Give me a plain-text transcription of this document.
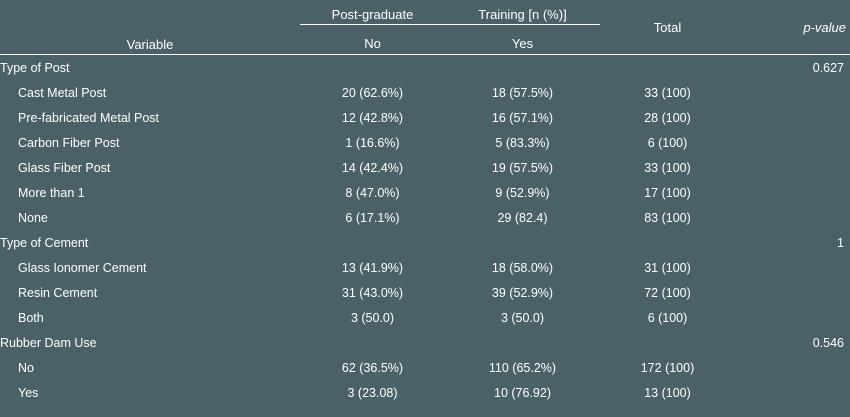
Variable	Post-graduate	Training [n (%)]	Total	p-value
	No	Yes		

Type of Post				0.627
Cast Metal Post	20 (62.6%)	18 (57.5%)	33 (100)	
Pre-fabricated Metal Post	12 (42.8%)	16 (57.1%)	28 (100)	
Carbon Fiber Post	1 (16.6%)	5 (83.3%)	6 (100)	
Glass Fiber Post	14 (42.4%)	19 (57.5%)	33 (100)	
More than 1	8 (47.0%)	9 (52.9%)	17 (100)	
None	6 (17.1%)	29 (82.4)	83 (100)	
Type of Cement				1
Glass Ionomer Cement	13 (41.9%)	18 (58.0%)	31 (100)	
Resin Cement	31 (43.0%)	39 (52.9%)	72 (100)	
Both	3 (50.0)	3 (50.0)	6 (100)	
Rubber Dam Use				0.546
No	62 (36.5%)	110 (65.2%)	172 (100)	
Yes	3 (23.08)	10 (76.92)	13 (100)	
